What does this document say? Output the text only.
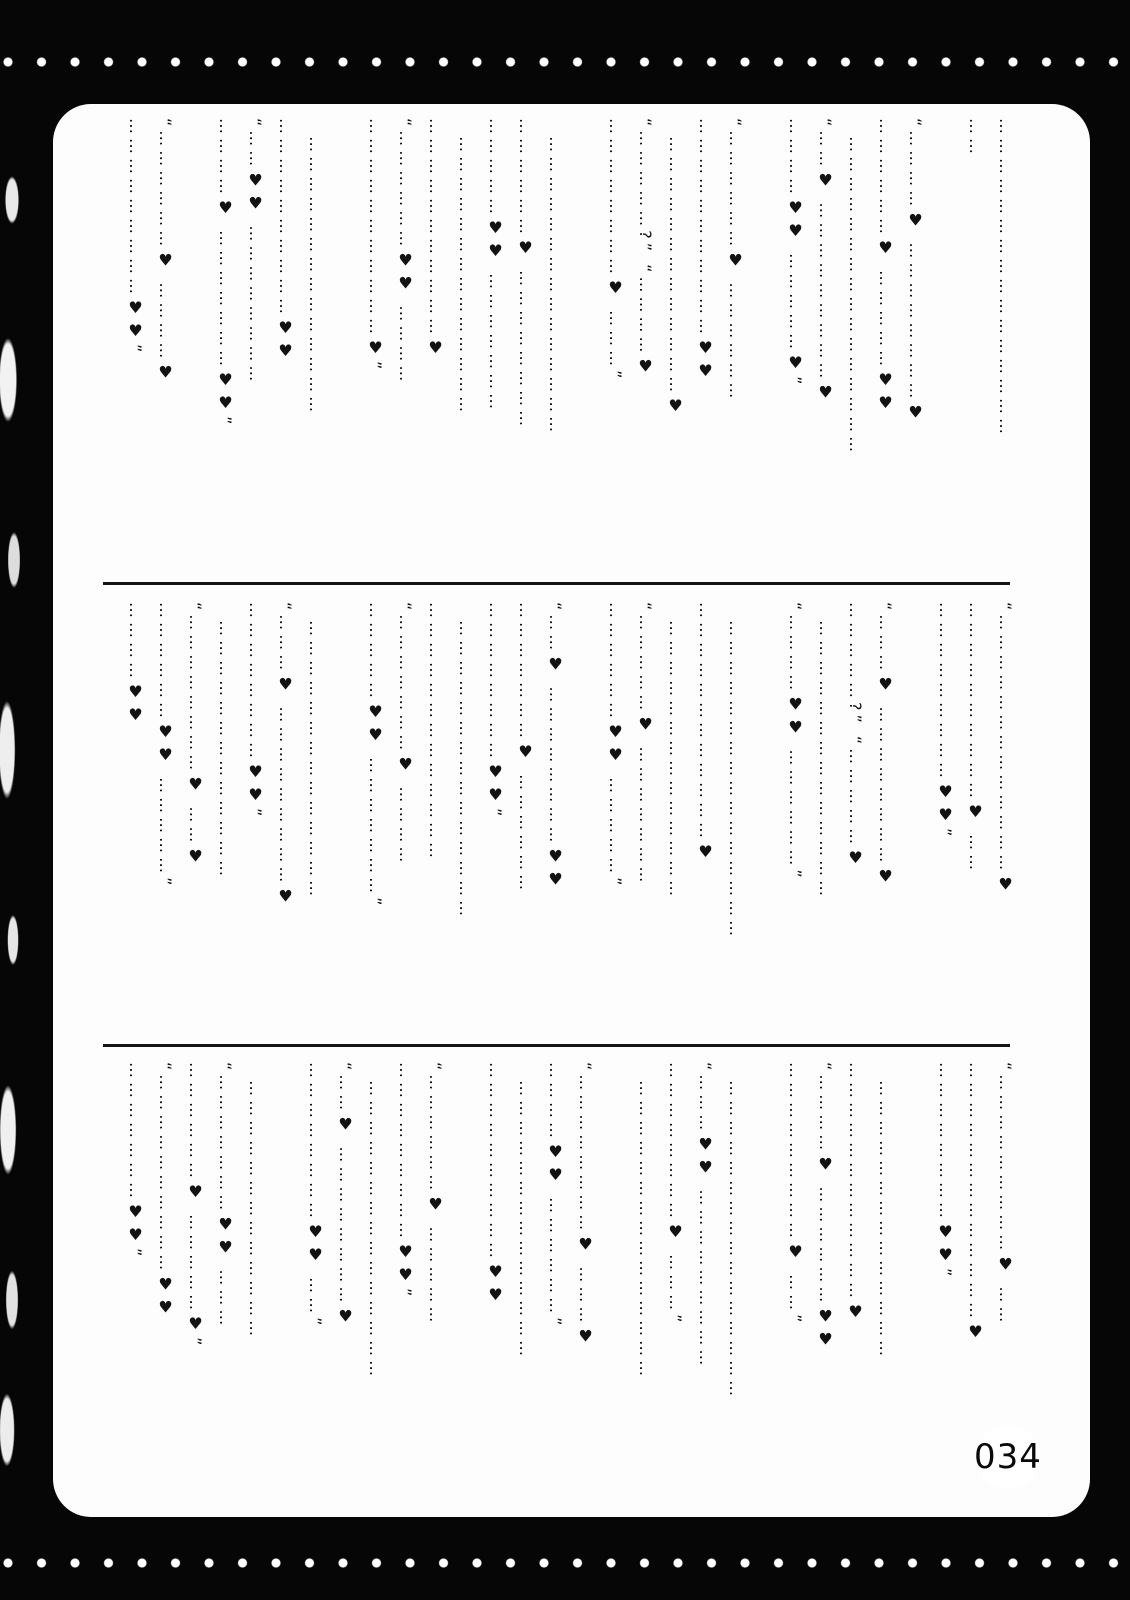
…………………………………………
……

“…………♥ ……………………♥
………………♥ ……………♥♥
…………………………………………
“……♥ ………………………♥
…………♥♥ ……………♥”

“………………♥ ………………
……………………………♥♥
…………………………………♥
“……………?” “…………♥
……………………♥ ………”

………………………………………
………………♥ ……………………
……………♥♥ …………………
……………………………………
……………………………♥
“………………♥♥ …………
……………………………♥”

……………………………………
…………………………♥♥
“……♥♥ ……………………
…………♥ …………………♥♥”

“………………♥ …………♥
………………………♥♥”
“…………………………………♥
…………………………♥ ……
………………………♥♥”

“………♥ ……………………♥
……………?” “……………♥
……………………………………
“…………♥♥ ………………”

…………………………………………
………………………………♥
……………………………………
“……………♥ …………………
………………♥♥ ……………”

“……♥ ……………………♥♥
…………………♥ ………………
……………………♥♥”
………………………………………
…………………………………
“…………………♥ …………
……………♥♥ …………………”

……………………………………
“………♥ ………………………♥
……………………♥♥”
…………………………………
“……………………♥ ……♥
………………♥♥ ……………”
…………♥♥
“………………………♥ ……
…………………………………♥
……………………♥♥”

……………………………………
………………………………♥
“…………♥ ………………♥♥
………………………♥ ……”

…………………………………………
“………♥♥ ………………………
……………………♥ ………”
………………………………………

“……………………♥ ………♥
…………♥♥ ………………”
……………………………………
…………………………♥♥

“………………♥ ……………
………………………♥♥”
………………………………………
“……♥ ……………………♥
……………………♥♥ ……”

…………………………………
“…………………♥♥ ………
………………♥ ……………♥”
“…………………………♥♥
…………………♥♥”
034
